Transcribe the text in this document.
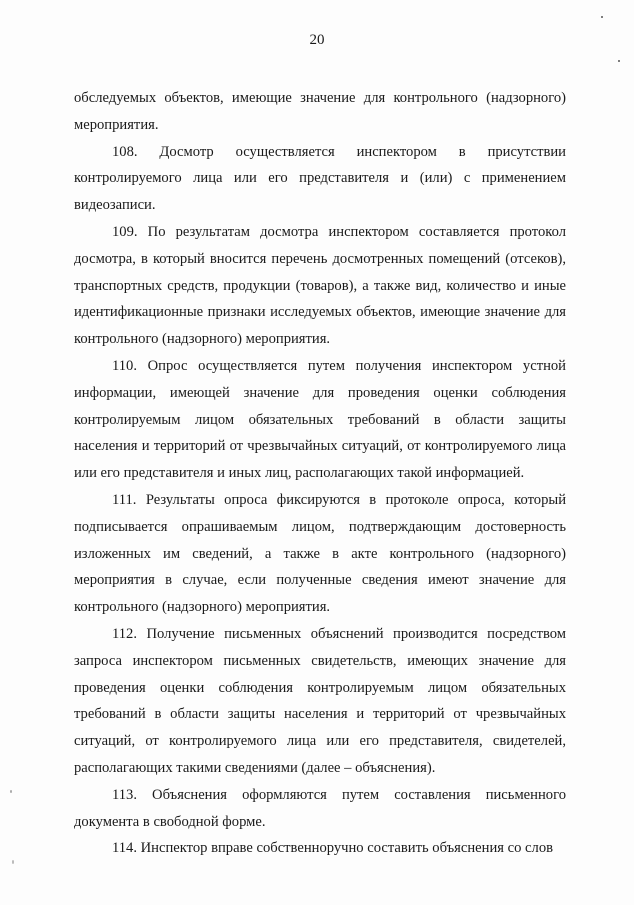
20

обследуемых объектов, имеющие значение для контрольного (надзорного) мероприятия.

108. Досмотр осуществляется инспектором в присутствии контролируемого лица или его представителя и (или) с применением видеозаписи.

109. По результатам досмотра инспектором составляется протокол досмотра, в который вносится перечень досмотренных помещений (отсеков), транспортных средств, продукции (товаров), а также вид, количество и иные идентификационные признаки исследуемых объектов, имеющие значение для контрольного (надзорного) мероприятия.

110. Опрос осуществляется путем получения инспектором устной информации, имеющей значение для проведения оценки соблюдения контролируемым лицом обязательных требований в области защиты населения и территорий от чрезвычайных ситуаций, от контролируемого лица или его представителя и иных лиц, располагающих такой информацией.

111. Результаты опроса фиксируются в протоколе опроса, который подписывается опрашиваемым лицом, подтверждающим достоверность изложенных им сведений, а также в акте контрольного (надзорного) мероприятия в случае, если полученные сведения имеют значение для контрольного (надзорного) мероприятия.

112. Получение письменных объяснений производится посредством запроса инспектором письменных свидетельств, имеющих значение для проведения оценки соблюдения контролируемым лицом обязательных требований в области защиты населения и территорий от чрезвычайных ситуаций, от контролируемого лица или его представителя, свидетелей, располагающих такими сведениями (далее – объяснения).

113. Объяснения оформляются путем составления письменного документа в свободной форме.

114. Инспектор вправе собственноручно составить объяснения со слов
